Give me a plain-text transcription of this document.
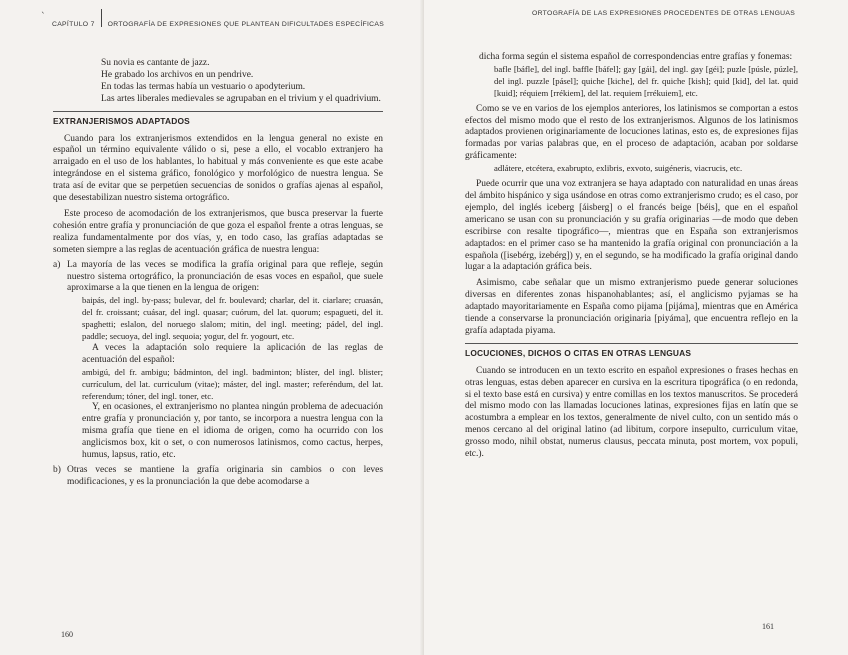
ˋ
CAPÍTULO 7 ORTOGRAFÍA DE EXPRESIONES QUE PLANTEAN DIFICULTADES ESPECÍFICAS

Su novia es cantante de jazz.

He grabado los archivos en un pendrive.

En todas las termas había un vestuario o apodyterium.

Las artes liberales medievales se agrupaban en el trivium y el quadrivium.

EXTRANJERISMOS ADAPTADOS

Cuando para los extranjerismos extendidos en la lengua general no existe en español un término equivalente válido o si, pese a ello, el vocablo extranjero ha arraigado en el uso de los hablantes, lo habitual y más conveniente es que este acabe integrándose en el sistema gráfico, fonológico y morfológico de nuestra lengua. Se trata así de evitar que se perpetúen secuencias de sonidos o grafías ajenas al español, que desestabilizan nuestro sistema ortográfico.

Este proceso de acomodación de los extranjerismos, que busca preservar la fuerte cohesión entre grafía y pronunciación de que goza el español frente a otras lenguas, se realiza fundamentalmente por dos vías, y, en todo caso, las grafías adaptadas se someten siempre a las reglas de acentuación gráfica de nuestra lengua:

a) La mayoría de las veces se modifica la grafía original para que refleje, según nuestro sistema ortográfico, la pronunciación de esas voces en español, que suele aproximarse a la que tienen en la lengua de origen:

baipás, del ingl. by-pass; bulevar, del fr. boulevard; charlar, del it. ciarlare; cruasán, del fr. croissant; cuásar, del ingl. quasar; cuórum, del lat. quorum; espagueti, del it. spaghetti; eslalon, del noruego slalom; mitin, del ingl. meeting; pádel, del ingl. paddle; secuoya, del ingl. sequoia; yogur, del fr. yogourt, etc.

A veces la adaptación solo requiere la aplicación de las reglas de acentuación del español:

ambigú, del fr. ambigu; bádminton, del ingl. badminton; blíster, del ingl. blister; currículum, del lat. curriculum (vitae); máster, del ingl. master; referéndum, del lat. referendum; tóner, del ingl. toner, etc.

Y, en ocasiones, el extranjerismo no plantea ningún problema de adecuación entre grafía y pronunciación y, por tanto, se incorpora a nuestra lengua con la misma grafía que tiene en el idioma de origen, como ha ocurrido con los anglicismos box, kit o set, o con numerosos latinismos, como cactus, herpes, humus, lapsus, ratio, etc.

b) Otras veces se mantiene la grafía originaria sin cambios o con leves modificaciones, y es la pronunciación la que debe acomodarse a
160
ORTOGRAFÍA DE LAS EXPRESIONES PROCEDENTES DE OTRAS LENGUAS

dicha forma según el sistema español de correspondencias entre grafías y fonemas:

bafle [báfle], del ingl. baffle [báfel]; gay [gái], del ingl. gay [géi]; puzle [púsle, púzle], del ingl. puzzle [pásel]; quiche [kiche], del fr. quiche [kish]; quid [kid], del lat. quid [kuid]; réquiem [rrékiem], del lat. requiem [rrékuiem], etc.

Como se ve en varios de los ejemplos anteriores, los latinismos se comportan a estos efectos del mismo modo que el resto de los extranjerismos. Algunos de los latinismos adaptados provienen originariamente de locuciones latinas, esto es, de expresiones fijas formadas por varias palabras que, en el proceso de adaptación, acaban por soldarse gráficamente:

adlátere, etcétera, exabrupto, exlibris, exvoto, suigéneris, viacrucis, etc.

Puede ocurrir que una voz extranjera se haya adaptado con naturalidad en unas áreas del ámbito hispánico y siga usándose en otras como extranjerismo crudo; es el caso, por ejemplo, del inglés iceberg [áisberg] o el francés beige [béis], que en el español americano se usan con su pronunciación y su grafía originarias —de modo que deben escribirse con resalte tipográfico—, mientras que en España son extranjerismos adaptados: en el primer caso se ha mantenido la grafía original con pronunciación a la española ([isebérg, izebérg]) y, en el segundo, se ha modificado la grafía original dando lugar a la adaptación gráfica beis.

Asimismo, cabe señalar que un mismo extranjerismo puede generar soluciones diversas en diferentes zonas hispanohablantes; así, el anglicismo pyjamas se ha adaptado mayoritariamente en España como pijama [pijáma], mientras que en América tiende a conservarse la pronunciación originaria [piyáma], que encuentra reflejo en la grafía adaptada piyama.

LOCUCIONES, DICHOS O CITAS EN OTRAS LENGUAS

Cuando se introducen en un texto escrito en español expresiones o frases hechas en otras lenguas, estas deben aparecer en cursiva en la escritura tipográfica (o en redonda, si el texto base está en cursiva) y entre comillas en los textos manuscritos. Se procederá del mismo modo con las llamadas locuciones latinas, expresiones fijas en latín que se acostumbra a emplear en los textos, generalmente de nivel culto, con un sentido más o menos cercano al del original latino (ad libitum, corpore insepulto, curriculum vitae, grosso modo, nihil obstat, numerus clausus, peccata minuta, post mortem, vox populi, etc.).

161
